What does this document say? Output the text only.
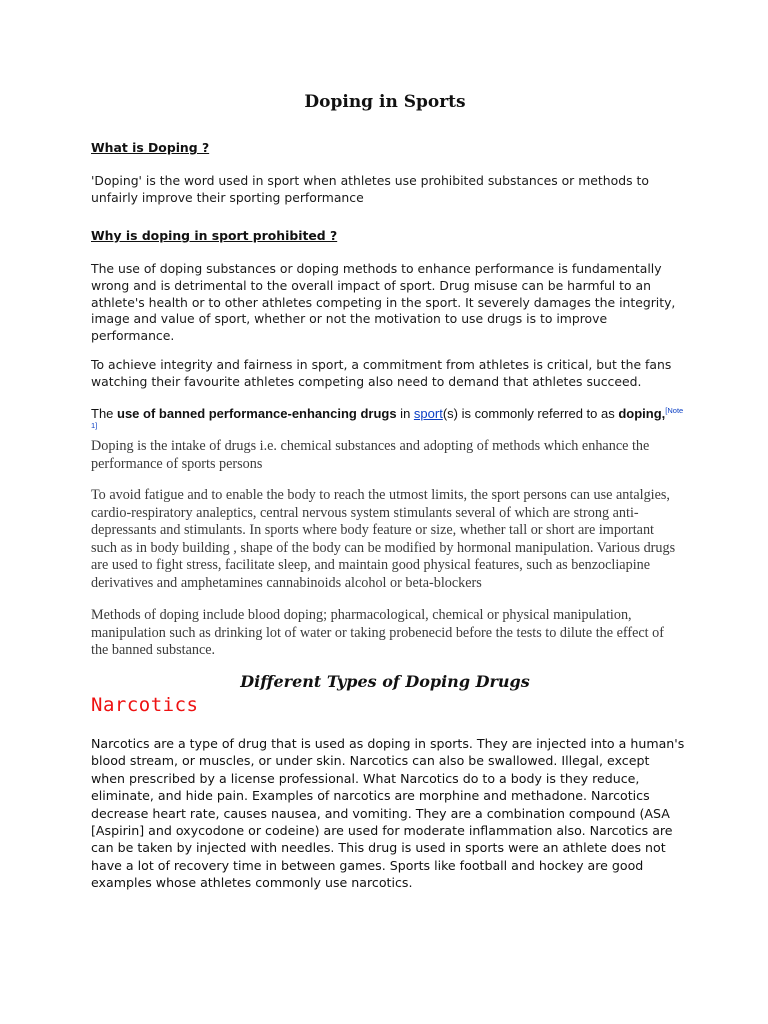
Doping in Sports
What is Doping ?

'Doping' is the word used in sport when athletes use prohibited substances or methods to unfairly improve their sporting performance

Why is doping in sport prohibited ?

The use of doping substances or doping methods to enhance performance is fundamentally wrong and is detrimental to the overall impact of sport. Drug misuse can be harmful to an athlete's health or to other athletes competing in the sport. It severely damages the integrity, image and value of sport, whether or not the motivation to use drugs is to improve performance.

To achieve integrity and fairness in sport, a commitment from athletes is critical, but the fans watching their favourite athletes competing also need to demand that athletes succeed.

The use of banned performance-enhancing drugs in sport(s) is commonly referred to as doping,[Note 1]

Doping is the intake of drugs i.e. chemical substances and adopting of methods which enhance the performance of sports persons

To avoid fatigue and to enable the body to reach the utmost limits, the sport persons can use antalgies, cardio-respiratory analeptics, central nervous system stimulants several of which are strong anti-depressants and stimulants. In sports where body feature or size, whether tall or short are important such as in body building , shape of the body can be modified by hormonal manipulation. Various drugs are used to fight stress, facilitate sleep, and maintain good physical features, such as benzocliapine derivatives and amphetamines cannabinoids alcohol or beta-blockers

Methods of doping include blood doping; pharmacological, chemical or physical manipulation, manipulation such as drinking lot of water or taking probenecid before the tests to dilute the effect of the banned substance.

Different Types of Doping Drugs
Narcotics

Narcotics are a type of drug that is used as doping in sports. They are injected into a human's blood stream, or muscles, or under skin. Narcotics can also be swallowed. Illegal, except when prescribed by a license professional. What Narcotics do to a body is they reduce, eliminate, and hide pain. Examples of narcotics are morphine and methadone. Narcotics decrease heart rate, causes nausea, and vomiting. They are a combination compound (ASA [Aspirin] and oxycodone or codeine) are used for moderate inflammation also. Narcotics are can be taken by injected with needles. This drug is used in sports were an athlete does not have a lot of recovery time in between games. Sports like football and hockey are good examples whose athletes commonly use narcotics.
